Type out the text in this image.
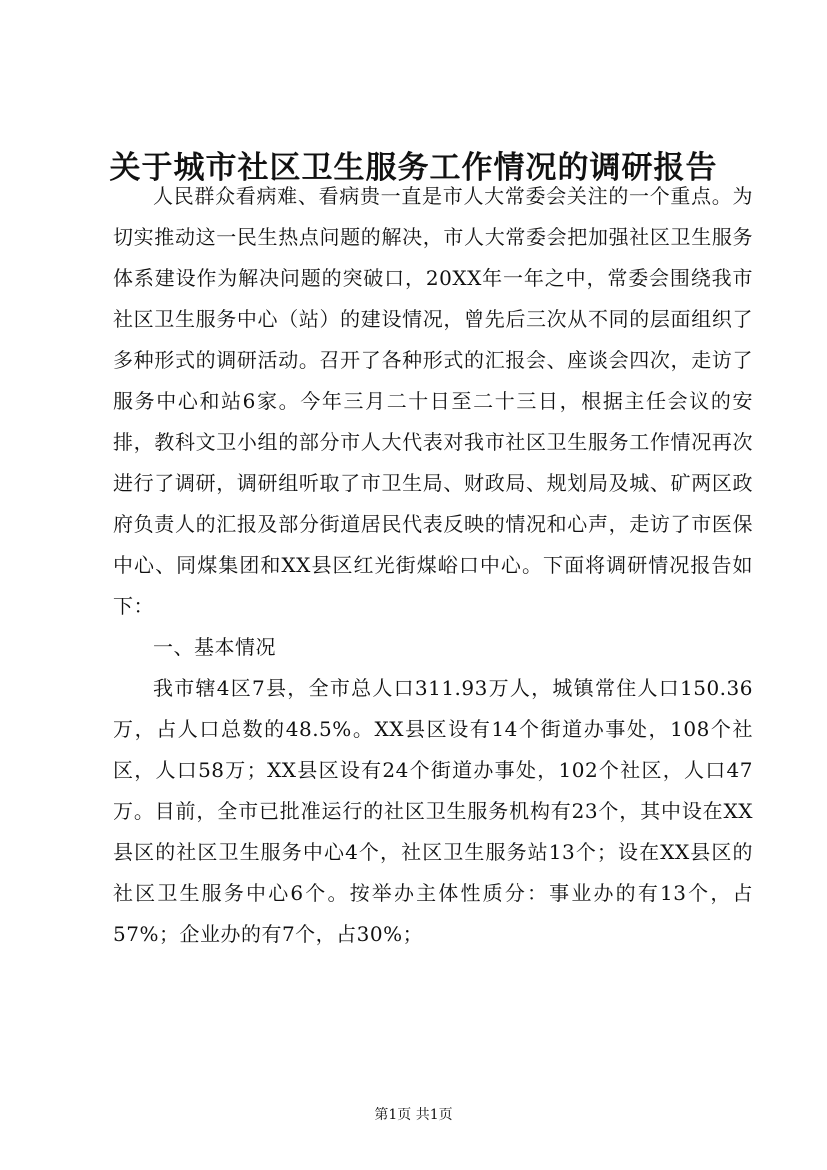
关于城市社区卫生服务工作情况的调研报告

人民群众看病难、看病贵一直是市人大常委会关注的一个重点。为切实推动这一民生热点问题的解决，市人大常委会把加强社区卫生服务体系建设作为解决问题的突破口，20XX年一年之中，常委会围绕我市社区卫生服务中心（站）的建设情况，曾先后三次从不同的层面组织了多种形式的调研活动。召开了各种形式的汇报会、座谈会四次，走访了服务中心和站6家。今年三月二十日至二十三日，根据主任会议的安排，教科文卫小组的部分市人大代表对我市社区卫生服务工作情况再次进行了调研，调研组听取了市卫生局、财政局、规划局及城、矿两区政府负责人的汇报及部分街道居民代表反映的情况和心声，走访了市医保中心、同煤集团和XX县区红光街煤峪口中心。下面将调研情况报告如下：

一、基本情况

我市辖4区7县，全市总人口311.93万人，城镇常住人口150.36万，占人口总数的48.5%。XX县区设有14个街道办事处，108个社区，人口58万；XX县区设有24个街道办事处，102个社区，人口47万。目前，全市已批准运行的社区卫生服务机构有23个，其中设在XX县区的社区卫生服务中心4个，社区卫生服务站13个；设在XX县区的社区卫生服务中心6个。按举办主体性质分：事业办的有13个，占57%；企业办的有7个，占30%；

第1页 共1页
